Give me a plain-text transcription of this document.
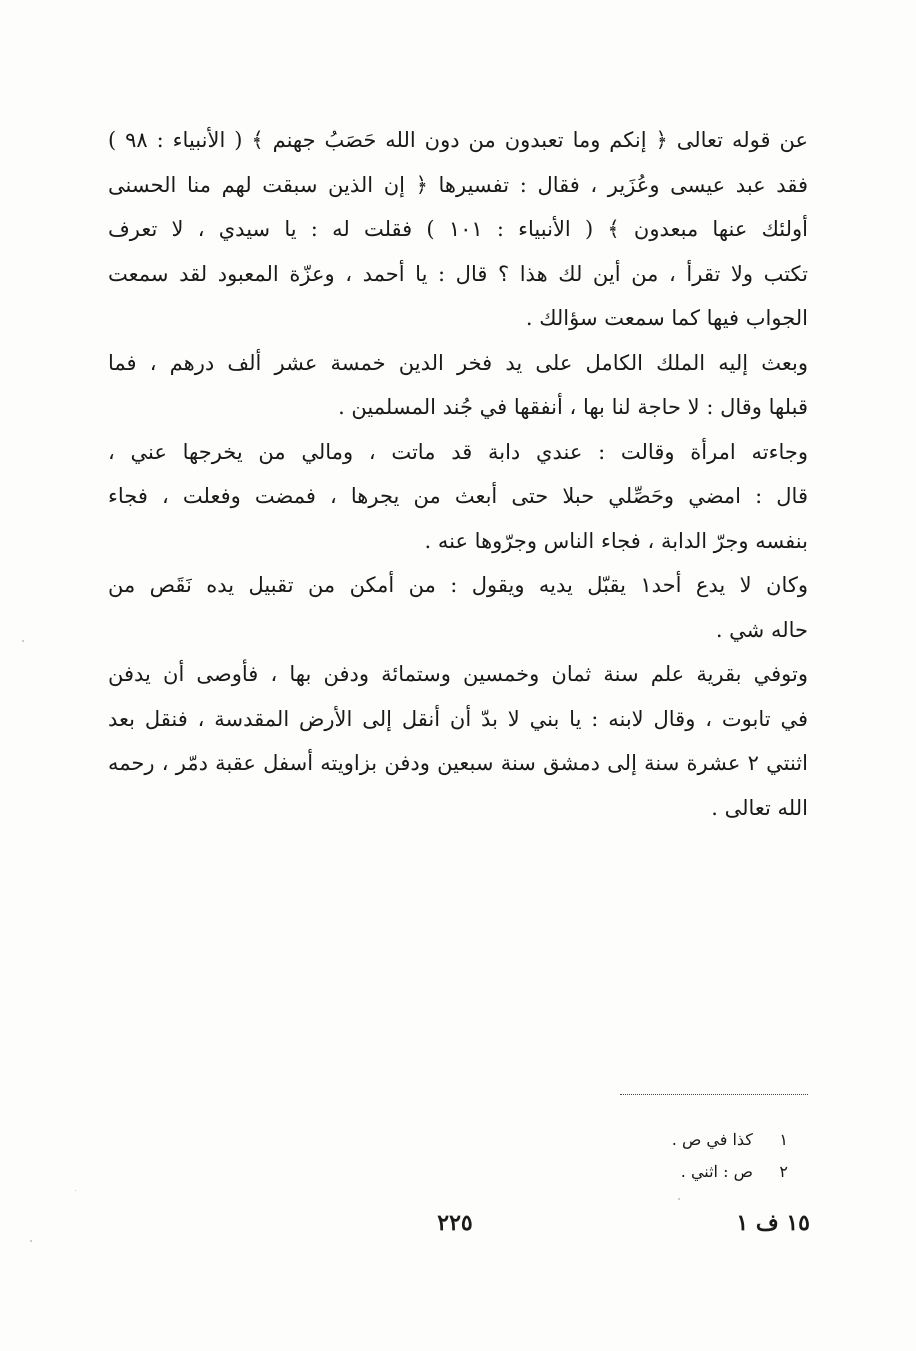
عن قوله تعالى ﴿ إنكم وما تعبدون من دون الله حَصَبُ جهنم ﴾ ( الأنبياء : ٩٨ )
فقد عبد عيسى وعُزَير ، فقال : تفسيرها ﴿ إن الذين سبقت لهم منا الحسنى
أولئك عنها مبعدون ﴾ ( الأنبياء : ١٠١ ) فقلت له : يا سيدي ، لا تعرف
تكتب ولا تقرأ ، من أين لك هذا ؟ قال : يا أحمد ، وعزّة المعبود لقد سمعت
الجواب فيها كما سمعت سؤالك .
وبعث إليه الملك الكامل على يد فخر الدين خمسة عشر ألف درهم ، فما
قبلها وقال : لا حاجة لنا بها ، أنفقها في جُند المسلمين .
وجاءته امرأة وقالت : عندي دابة قد ماتت ، ومالي من يخرجها عني ،
قال : امضي وحَصِّلي حبلا حتى أبعث من يجرها ، فمضت وفعلت ، فجاء
بنفسه وجرّ الدابة ، فجاء الناس وجرّوها عنه .
وكان لا يدع أحد١ يقبّل يديه ويقول : من أمكن من تقبيل يده نَقَص من
حاله شي .
وتوفي بقرية علم سنة ثمان وخمسين وستمائة ودفن بها ، فأوصى أن يدفن
في تابوت ، وقال لابنه : يا بني لا بدّ أن أنقل إلى الأرض المقدسة ، فنقل بعد
اثنتي ٢ عشرة سنة إلى دمشق سنة سبعين ودفن بزاويته أسفل عقبة دمّر ، رحمه
الله تعالى .
١ كذا في ص .
٢ ص : اثني .
٢٢٥	١٥ ف ١
